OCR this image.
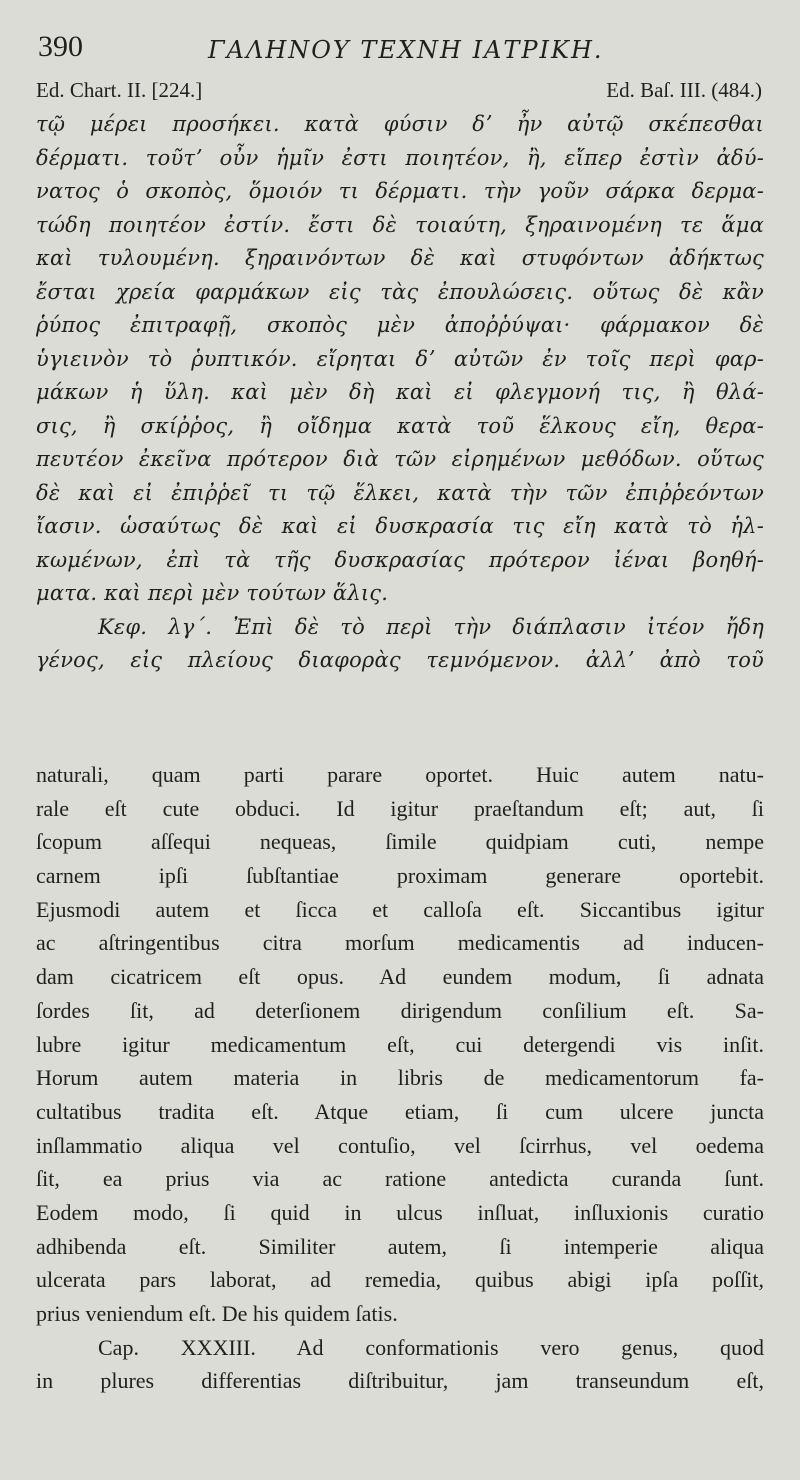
390	ΓΑΛΗΝΟΥ ΤΕΧΝΗ ΙΑΤΡΙΚΗ.
Ed. Chart. II. [224.]	Ed. Baſ. III. (484.)
τῷ μέρει προσήκει. κατὰ φύσιν δʼ ἦν αὐτῷ σκέπεσθαι
δέρματι. τοῦτʼ οὖν ἡμῖν ἐστι ποιητέον, ἢ, εἴπερ ἐστὶν ἀδύ-
νατος ὁ σκοπὸς, ὅμοιόν τι δέρματι. τὴν γοῦν σάρκα δερμα-
τώδη ποιητέον ἐστίν. ἔστι δὲ τοιαύτη, ξηραινομένη τε ἅμα
καὶ τυλουμένη. ξηραινόντων δὲ καὶ στυφόντων ἀδήκτως
ἔσται χρεία φαρμάκων εἰς τὰς ἐπουλώσεις. οὕτως δὲ κἂν
ῥύπος ἐπιτραφῇ, σκοπὸς μὲν ἀποῤῥύψαι· φάρμακον δὲ
ὑγιεινὸν τὸ ῥυπτικόν. εἴρηται δʼ αὐτῶν ἐν τοῖς περὶ φαρ-
μάκων ἡ ὕλη. καὶ μὲν δὴ καὶ εἰ φλεγμονή τις, ἢ θλά-
σις, ἢ σκίῤῥος, ἢ οἴδημα κατὰ τοῦ ἕλκους εἴη, θερα-
πευτέον ἐκεῖνα πρότερον διὰ τῶν εἰρημένων μεθόδων. οὕτως
δὲ καὶ εἰ ἐπιῤῥεῖ τι τῷ ἕλκει, κατὰ τὴν τῶν ἐπιῤῥεόντων
ἴασιν. ὡσαύτως δὲ καὶ εἰ δυσκρασία τις εἴη κατὰ τὸ ἡλ-
κωμένων, ἐπὶ τὰ τῆς δυσκρασίας πρότερον ἰέναι βοηθή-
ματα. καὶ περὶ μὲν τούτων ἅλις.
Κεφ. λγ΄. Ἐπὶ δὲ τὸ περὶ τὴν διάπλασιν ἰτέον ἤδη
γένος, εἰς πλείους διαφορὰς τεμνόμενον. ἀλλʼ ἀπὸ τοῦ
naturali, quam parti parare oportet. Huic autem natu-
rale eſt cute obduci. Id igitur praeſtandum eſt; aut, ſi
ſcopum aſſequi nequeas, ſimile quidpiam cuti, nempe
carnem ipſi ſubſtantiae proximam generare oportebit.
Ejusmodi autem et ſicca et calloſa eſt. Siccantibus igitur
ac aſtringentibus citra morſum medicamentis ad inducen-
dam cicatricem eſt opus. Ad eundem modum, ſi adnata
ſordes ſit, ad deterſionem dirigendum conſilium eſt. Sa-
lubre igitur medicamentum eſt, cui detergendi vis inſit.
Horum autem materia in libris de medicamentorum fa-
cultatibus tradita eſt. Atque etiam, ſi cum ulcere juncta
inſlammatio aliqua vel contuſio, vel ſcirrhus, vel oedema
ſit, ea prius via ac ratione antedicta curanda ſunt.
Eodem modo, ſi quid in ulcus inſluat, inſluxionis curatio
adhibenda eſt. Similiter autem, ſi intemperie aliqua
ulcerata pars laborat, ad remedia, quibus abigi ipſa poſſit,
prius veniendum eſt. De his quidem ſatis.
Cap. XXXIII. Ad conformationis vero genus, quod
in plures differentias diſtribuitur, jam transeundum eſt,
